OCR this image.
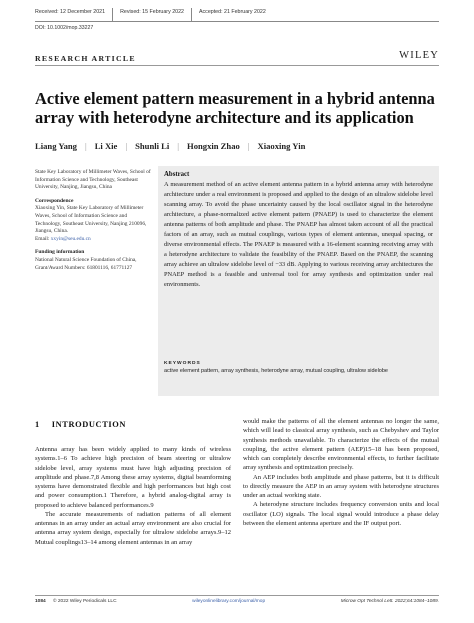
Received: 12 December 2021	Revised: 15 February 2022	Accepted: 21 February 2022
DOI: 10.1002/mop.33227
RESEARCH ARTICLE	WILEY
Active element pattern measurement in a hybrid antenna array with heterodyne architecture and its application
Liang Yang | Li Xie | Shunli Li | Hongxin Zhao | Xiaoxing Yin

State Key Laboratory of Millimeter Waves, School of Information Science and Technology, Southeast University, Nanjing, Jiangsu, China

Correspondence

Xiaoxing Yin, State Key Laboratory of Millimeter Waves, School of Information Science and Technology, Southeast University, Nanjing 210096, Jiangsu, China.

Email: xxyin@seu.edu.cn

Funding information

National Natural Science Foundation of China, Grant/Award Numbers: 61801116, 61771127

Abstract

A measurement method of an active element antenna pattern in a hybrid antenna array with heterodyne architecture under a real environment is proposed and applied to the design of an ultralow sidelobe level scanning array. To avoid the phase uncertainty caused by the local oscillator signal in the heterodyne architecture, a phase-normalized active element pattern (PNAEP) is used to characterize the element antenna patterns of both amplitude and phase. The PNAEP has almost taken account of all the practical factors of an array, such as mutual couplings, various types of element antennas, unequal spacing, or diverse environmental effects. The PNAEP is measured with a 16-element scanning receiving array with a heterodyne architecture to validate the feasibility of the PNAEP. Based on the PNAEP, the scanning array achieve an ultralow sidelobe level of −33 dB. Applying to various receiving array architectures the PNAEP method is a feasible and universal tool for array synthesis and optimization under real environments.

KEYWORDS
active element pattern, array synthesis, heterodyne array, mutual coupling, ultralow sidelobe
1 INTRODUCTION

Antenna array has been widely applied to many kinds of wireless systems.1–6 To achieve high precision of beam steering or ultralow sidelobe level, array systems must have high adjusting precision of amplitude and phase.7,8 Among these array systems, digital beamforming systems have demonstrated flexible and high performances but high cost and power consumption.1 Therefore, a hybrid analog-digital array is proposed to achieve balanced performances.9

The accurate measurements of radiation patterns of all element antennas in an array under an actual array environment are also crucial for antenna array system design, especially for ultralow sidelobe arrays.9–12 Mutual couplings13–14 among element antennas in an array

would make the patterns of all the element antennas no longer the same, which will lead to classical array synthesis, such as Chebyshev and Taylor synthesis methods unavailable. To characterize the effects of the mutual coupling, the active element pattern (AEP)15–18 has been proposed, which can completely describe environmental effects, to further facilitate array synthesis and optimization precisely.

An AEP includes both amplitude and phase patterns, but it is difficult to directly measure the AEP in an array system with heterodyne structures under an actual working state.

A heterodyne structure includes frequency conversion units and local oscillator (LO) signals. The local signal would introduce a phase delay between the element antenna aperture and the IF output port.

1084 © 2022 Wiley Periodicals LLC	wileyonlinelibrary.com/journal/mop	Microw Opt Technol Lett. 2022;64:1084–1089.
